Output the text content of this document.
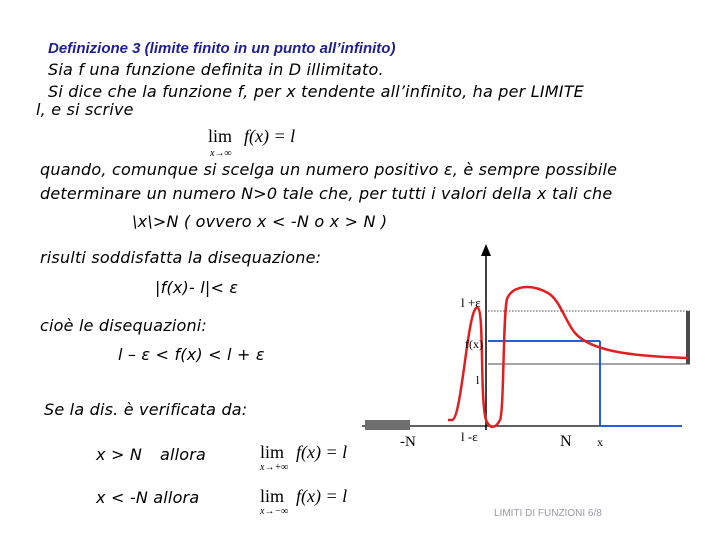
Definizione 3 (limite finito in un punto all’infinito)
Sia f una funzione definita in D illimitato.
Si dice che la funzione f, per x tendente all’infinito, ha per LIMITE
l, e si scrive
lim
x→∞
f(x) = l
quando, comunque si scelga un numero positivo ε, è sempre possibile
determinare un numero N>0 tale che, per tutti i valori della x tali che
\x\>N ( ovvero x < -N o x > N )
risulti soddisfatta la disequazione:
|f(x)- l|< ε
cioè le disequazioni:
l – ε < f(x) < l + ε
Se la dis. è verificata da:
x > N allora
x < -N allora
lim
x→+∞
f(x) = l
lim
x→−∞
f(x) = l
l +ε
f(x)
l
-N	l -ε	N x
LIMITI DI FUNZIONI 6/8
